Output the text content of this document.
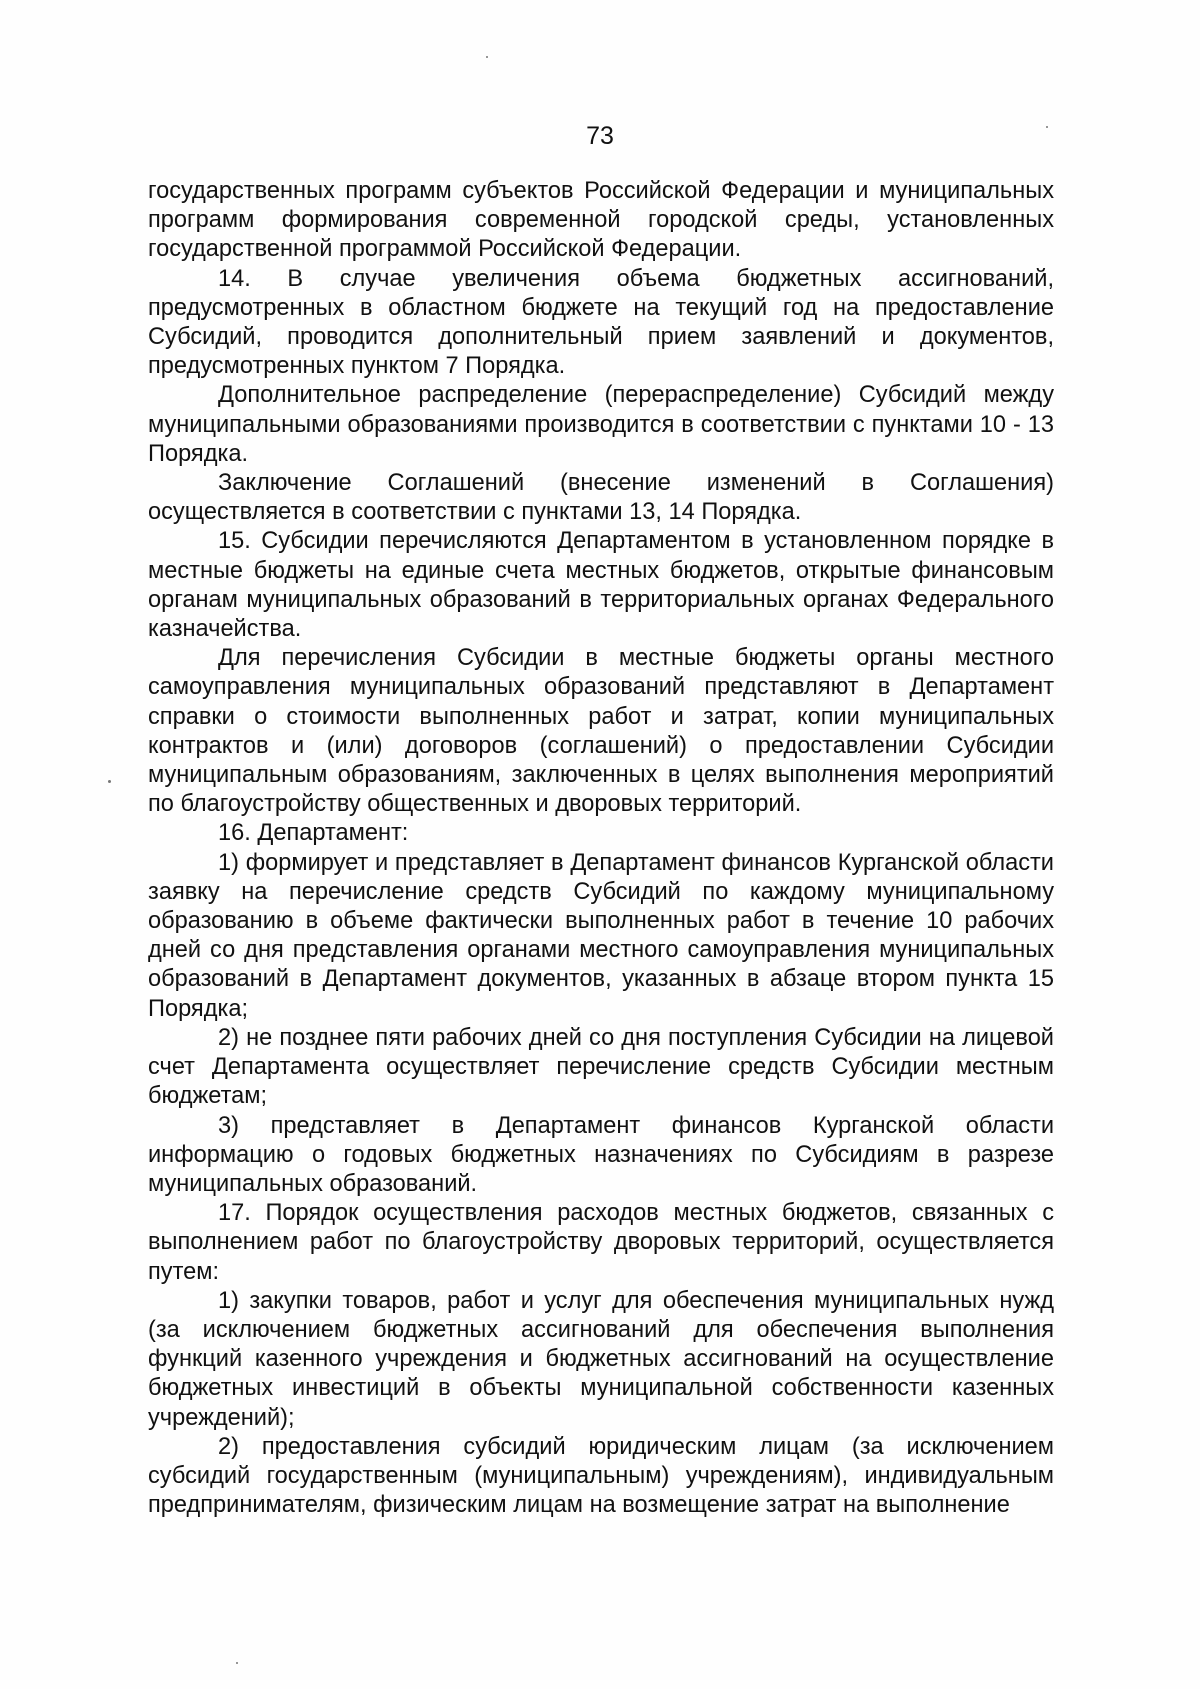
73

государственных программ субъектов Российской Федерации и муниципальных программ формирования современной городской среды, установленных государственной программой Российской Федерации.

14. В случае увеличения объема бюджетных ассигнований, предусмотренных в областном бюджете на текущий год на предоставление Субсидий, проводится дополнительный прием заявлений и документов, предусмотренных пунктом 7 Порядка.

Дополнительное распределение (перераспределение) Субсидий между муниципальными образованиями производится в соответствии с пунктами 10 - 13 Порядка.

Заключение Соглашений (внесение изменений в Соглашения) осуществляется в соответствии с пунктами 13, 14 Порядка.

15. Субсидии перечисляются Департаментом в установленном порядке в местные бюджеты на единые счета местных бюджетов, открытые финансовым органам муниципальных образований в территориальных органах Федерального казначейства.

Для перечисления Субсидии в местные бюджеты органы местного самоуправления муниципальных образований представляют в Департамент справки о стоимости выполненных работ и затрат, копии муниципальных контрактов и (или) договоров (соглашений) о предоставлении Субсидии муниципальным образованиям, заключенных в целях выполнения мероприятий по благоустройству общественных и дворовых территорий.

16. Департамент:

1) формирует и представляет в Департамент финансов Курганской области заявку на перечисление средств Субсидий по каждому муниципальному образованию в объеме фактически выполненных работ в течение 10 рабочих дней со дня представления органами местного самоуправления муниципальных образований в Департамент документов, указанных в абзаце втором пункта 15 Порядка;

2) не позднее пяти рабочих дней со дня поступления Субсидии на лицевой счет Департамента осуществляет перечисление средств Субсидии местным бюджетам;

3) представляет в Департамент финансов Курганской области информацию о годовых бюджетных назначениях по Субсидиям в разрезе муниципальных образований.

17. Порядок осуществления расходов местных бюджетов, связанных с выполнением работ по благоустройству дворовых территорий, осуществляется путем:

1) закупки товаров, работ и услуг для обеспечения муниципальных нужд (за исключением бюджетных ассигнований для обеспечения выполнения функций казенного учреждения и бюджетных ассигнований на осуществление бюджетных инвестиций в объекты муниципальной собственности казенных учреждений);

2) предоставления субсидий юридическим лицам (за исключением субсидий государственным (муниципальным) учреждениям), индивидуальным предпринимателям, физическим лицам на возмещение затрат на выполнение
